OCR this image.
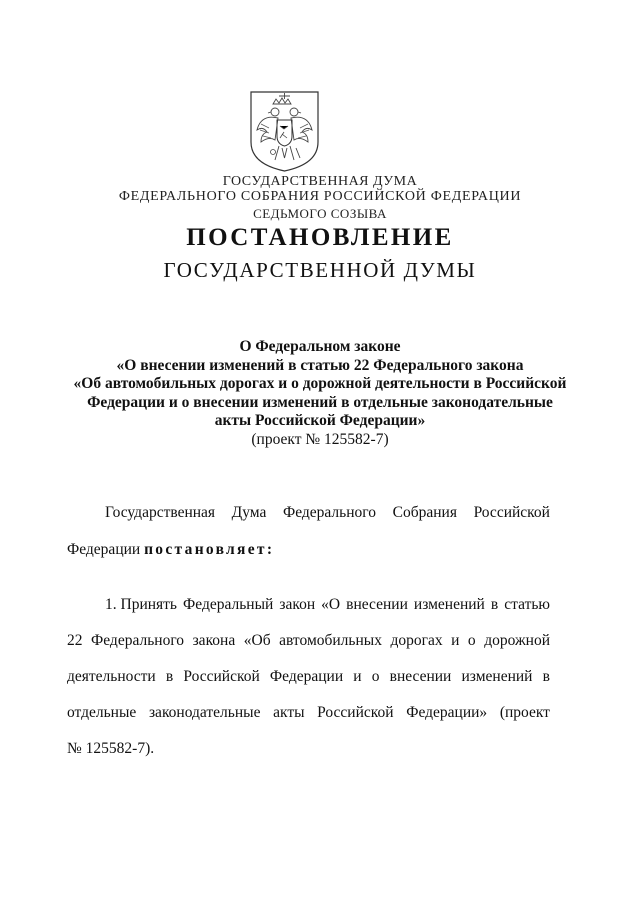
ГОСУДАРСТВЕННАЯ ДУМА
ФЕДЕРАЛЬНОГО СОБРАНИЯ РОССИЙСКОЙ ФЕДЕРАЦИИ
СЕДЬМОГО СОЗЫВА
ПОСТАНОВЛЕНИЕ
ГОСУДАРСТВЕННОЙ ДУМЫ
О Федеральном законе
«О внесении изменений в статью 22 Федерального закона
«Об автомобильных дорогах и о дорожной деятельности в Российской
Федерации и о внесении изменений в отдельные законодательные
акты Российской Федерации»
(проект № 125582-7)
Государственная Дума Федерального Собрания Российской
Федерации постановляет:
1. Принять Федеральный закон «О внесении изменений в статью
22 Федерального закона «Об автомобильных дорогах и о дорожной
деятельности в Российской Федерации и о внесении изменений в
отдельные законодательные акты Российской Федерации» (проект
№ 125582-7).
